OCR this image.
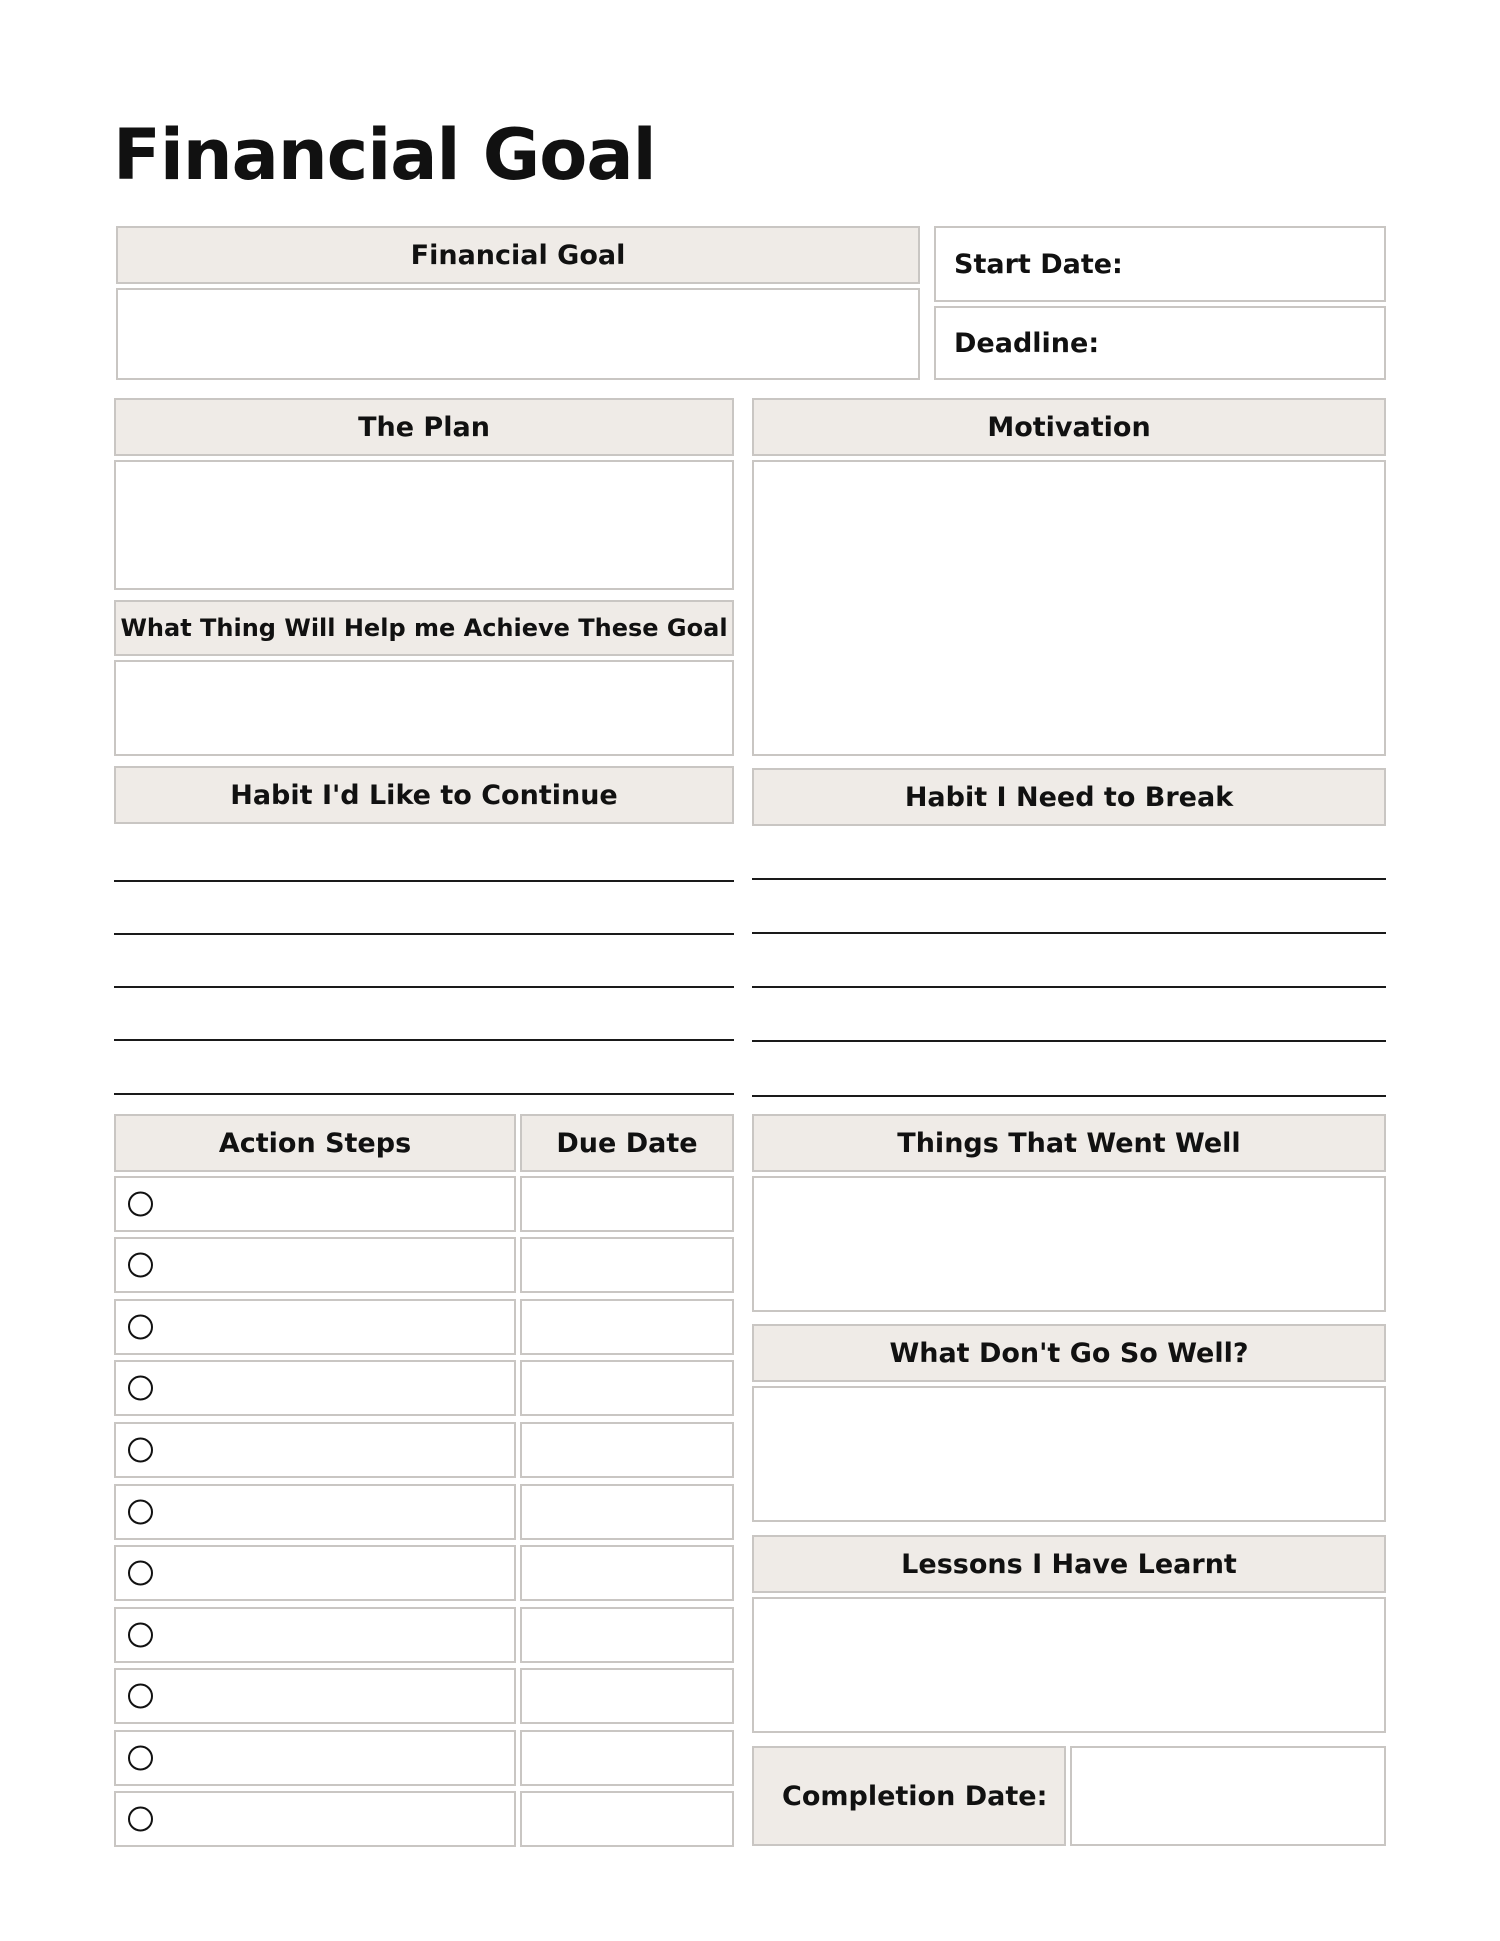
Financial Goal
Financial Goal	Start Date:
Deadline:
The Plan
What Thing Will Help me Achieve These Goal
Motivation
Habit I'd Like to Continue	Habit I Need to Break
Action Steps	Due Date	Things That Went Well
What Don't Go So Well?
Lessons I Have Learnt
Completion Date:
